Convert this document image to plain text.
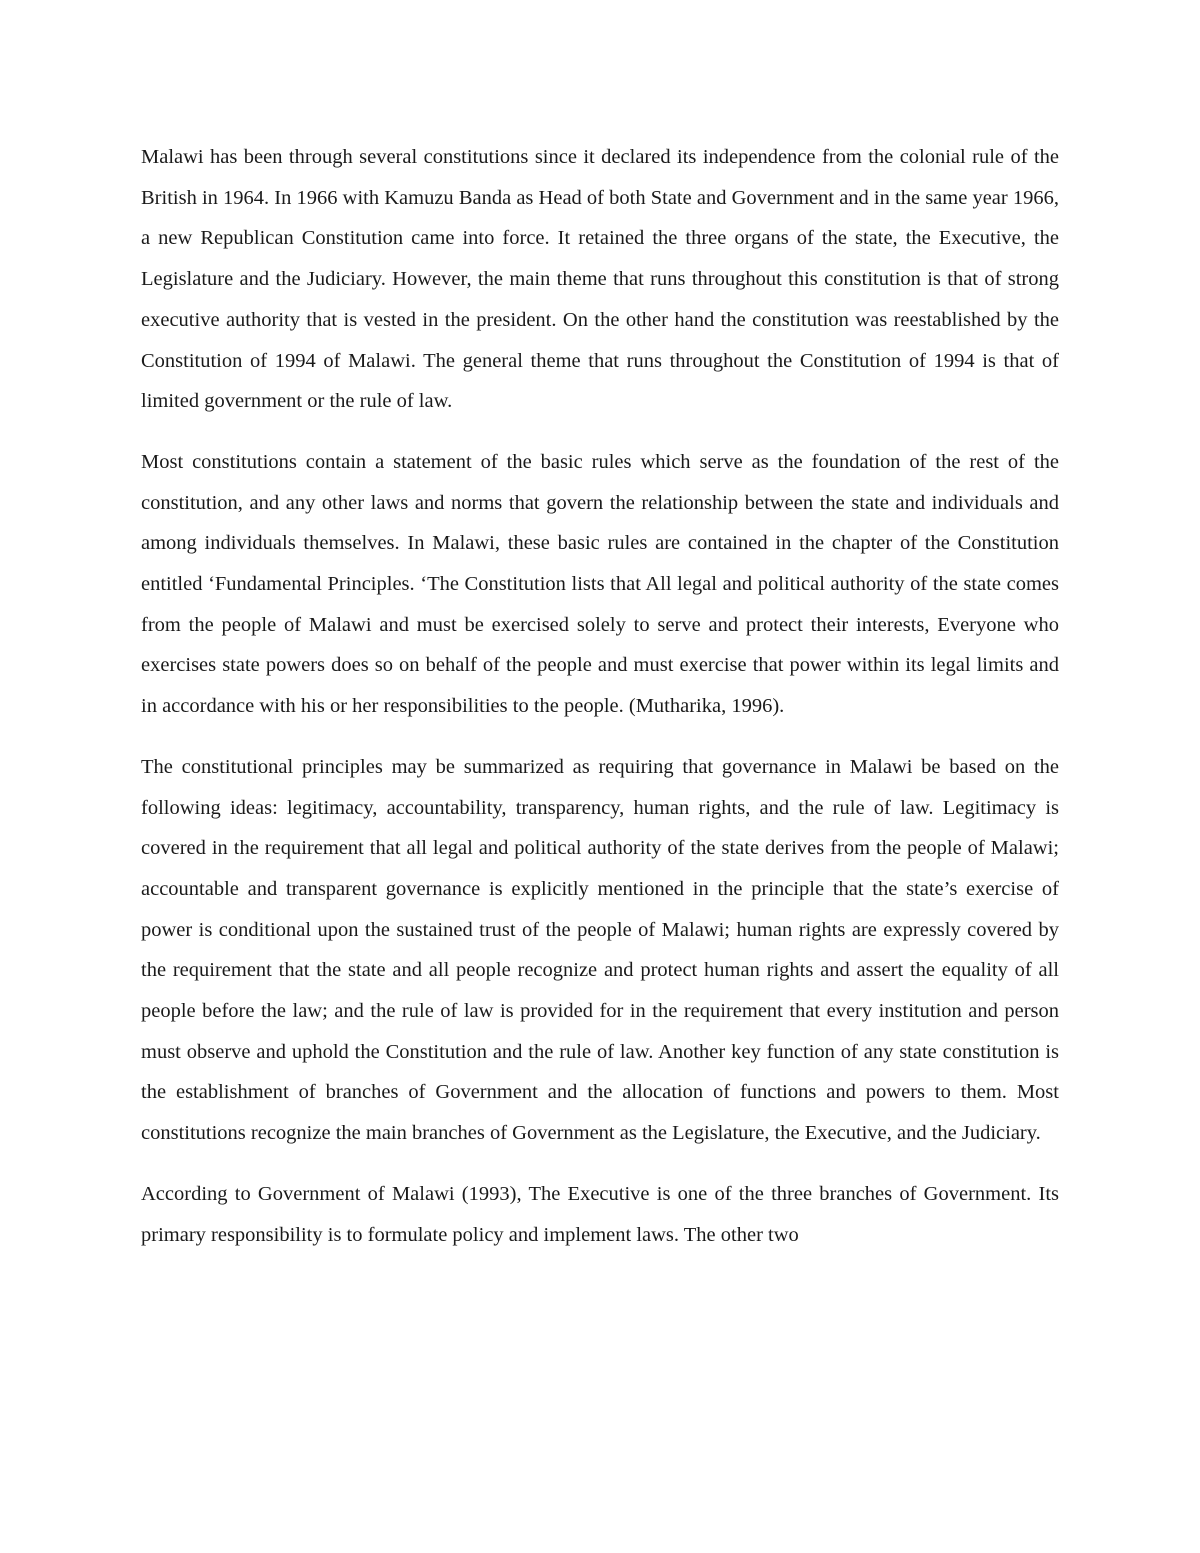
Malawi has been through several constitutions since it declared its independence from the colonial rule of the British in 1964. In 1966 with Kamuzu Banda as Head of both State and Government and in the same year 1966, a new Republican Constitution came into force. It retained the three organs of the state, the Executive, the Legislature and the Judiciary. However, the main theme that runs throughout this constitution is that of strong executive authority that is vested in the president. On the other hand the constitution was reestablished by the Constitution of 1994 of Malawi. The general theme that runs throughout the Constitution of 1994 is that of limited government or the rule of law.

Most constitutions contain a statement of the basic rules which serve as the foundation of the rest of the constitution, and any other laws and norms that govern the relationship between the state and individuals and among individuals themselves. In Malawi, these basic rules are contained in the chapter of the Constitution entitled ‘Fundamental Principles. ‘The Constitution lists that All legal and political authority of the state comes from the people of Malawi and must be exercised solely to serve and protect their interests, Everyone who exercises state powers does so on behalf of the people and must exercise that power within its legal limits and in accordance with his or her responsibilities to the people. (Mutharika, 1996).

The constitutional principles may be summarized as requiring that governance in Malawi be based on the following ideas: legitimacy, accountability, transparency, human rights, and the rule of law. Legitimacy is covered in the requirement that all legal and political authority of the state derives from the people of Malawi; accountable and transparent governance is explicitly mentioned in the principle that the state’s exercise of power is conditional upon the sustained trust of the people of Malawi; human rights are expressly covered by the requirement that the state and all people recognize and protect human rights and assert the equality of all people before the law; and the rule of law is provided for in the requirement that every institution and person must observe and uphold the Constitution and the rule of law. Another key function of any state constitution is the establishment of branches of Government and the allocation of functions and powers to them. Most constitutions recognize the main branches of Government as the Legislature, the Executive, and the Judiciary.

According to Government of Malawi (1993), The Executive is one of the three branches of Government. Its primary responsibility is to formulate policy and implement laws. The other two
